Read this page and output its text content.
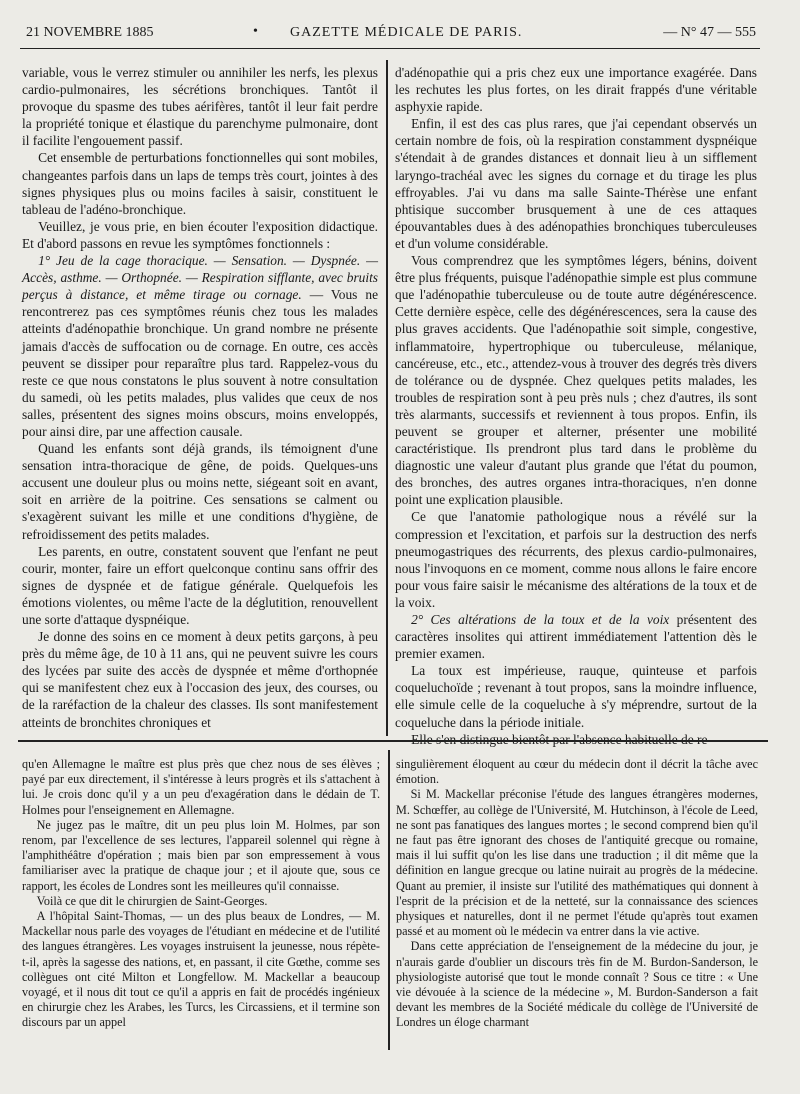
21 NOVEMBRE 1885	• GAZETTE MÉDICALE DE PARIS.	— N° 47 — 555

variable, vous le verrez stimuler ou annihiler les nerfs, les plexus cardio-pulmonaires, les sécrétions bronchiques. Tantôt il provoque du spasme des tubes aérifères, tantôt il leur fait perdre la propriété tonique et élastique du parenchyme pulmonaire, dont il facilite l'engouement passif.

Cet ensemble de perturbations fonctionnelles qui sont mobiles, changeantes parfois dans un laps de temps très court, jointes à des signes physiques plus ou moins faciles à saisir, constituent le tableau de l'adéno-bronchique.

Veuillez, je vous prie, en bien écouter l'exposition didactique. Et d'abord passons en revue les symptômes fonctionnels :

1° Jeu de la cage thoracique. — Sensation. — Dyspnée. — Accès, asthme. — Orthopnée. — Respiration sifflante, avec bruits perçus à distance, et même tirage ou cornage. — Vous ne rencontrerez pas ces symptômes réunis chez tous les malades atteints d'adénopathie bronchique. Un grand nombre ne présente jamais d'accès de suffocation ou de cornage. En outre, ces accès peuvent se dissiper pour reparaître plus tard. Rappelez-vous du reste ce que nous constatons le plus souvent à notre consultation du samedi, où les petits malades, plus valides que ceux de nos salles, présentent des signes moins obscurs, moins enveloppés, pour ainsi dire, par une affection causale.

Quand les enfants sont déjà grands, ils témoignent d'une sensation intra-thoracique de gêne, de poids. Quelques-uns accusent une douleur plus ou moins nette, siégeant soit en avant, soit en arrière de la poitrine. Ces sensations se calment ou s'exagèrent suivant les mille et une conditions d'hygiène, de refroidissement des petits malades.

Les parents, en outre, constatent souvent que l'enfant ne peut courir, monter, faire un effort quelconque continu sans offrir des signes de dyspnée et de fatigue générale. Quelquefois les émotions violentes, ou même l'acte de la déglutition, renouvellent une sorte d'attaque dyspnéique.

Je donne des soins en ce moment à deux petits garçons, à peu près du même âge, de 10 à 11 ans, qui ne peuvent suivre les cours des lycées par suite des accès de dyspnée et même d'orthopnée qui se manifestent chez eux à l'occasion des jeux, des courses, ou de la raréfaction de la chaleur des classes. Ils sont manifestement atteints de bronchites chroniques et

d'adénopathie qui a pris chez eux une importance exagérée. Dans les rechutes les plus fortes, on les dirait frappés d'une véritable asphyxie rapide.

Enfin, il est des cas plus rares, que j'ai cependant observés un certain nombre de fois, où la respiration constamment dyspnéique s'étendait à de grandes distances et donnait lieu à un sifflement laryngo-trachéal avec les signes du cornage et du tirage les plus effroyables. J'ai vu dans ma salle Sainte-Thérèse une enfant phtisique succomber brusquement à une de ces attaques épouvantables dues à des adénopathies bronchiques tuberculeuses et d'un volume considérable.

Vous comprendrez que les symptômes légers, bénins, doivent être plus fréquents, puisque l'adénopathie simple est plus commune que l'adénopathie tuberculeuse ou de toute autre dégénérescence. Cette dernière espèce, celle des dégénérescences, sera la cause des plus graves accidents. Que l'adénopathie soit simple, congestive, inflammatoire, hypertrophique ou tuberculeuse, mélanique, cancéreuse, etc., etc., attendez-vous à trouver des degrés très divers de tolérance ou de dyspnée. Chez quelques petits malades, les troubles de respiration sont à peu près nuls ; chez d'autres, ils sont très alarmants, successifs et reviennent à tous propos. Enfin, ils peuvent se grouper et alterner, présenter une mobilité caractéristique. Ils prendront plus tard dans le problème du diagnostic une valeur d'autant plus grande que l'état du poumon, des bronches, des autres organes intra-thoraciques, n'en donne point une explication plausible.

Ce que l'anatomie pathologique nous a révélé sur la compression et l'excitation, et parfois sur la destruction des nerfs pneumogastriques des récurrents, des plexus cardio-pulmonaires, nous l'invoquons en ce moment, comme nous allons le faire encore pour vous faire saisir le mécanisme des altérations de la toux et de la voix.

2° Ces altérations de la toux et de la voix présentent des caractères insolites qui attirent immédiatement l'attention dès le premier examen.

La toux est impérieuse, rauque, quinteuse et parfois coqueluchoïde ; revenant à tout propos, sans la moindre influence, elle simule celle de la coqueluche à s'y méprendre, surtout de la coqueluche dans la période initiale.

qu'en Allemagne le maître est plus près que chez nous de ses élèves ; payé par eux directement, il s'intéresse à leurs progrès et ils s'attachent à lui. Je crois donc qu'il y a un peu d'exagération dans le dédain de T. Holmes pour l'enseignement en Allemagne.

Ne jugez pas le maître, dit un peu plus loin M. Holmes, par son renom, par l'excellence de ses lectures, l'appareil solennel qui règne à l'amphithéâtre d'opération ; mais bien par son empressement à vous familiariser avec la pratique de chaque jour ; et il ajoute que, sous ce rapport, les écoles de Londres sont les meilleures qu'il connaisse.

Voilà ce que dit le chirurgien de Saint-Georges.

A l'hôpital Saint-Thomas, — un des plus beaux de Londres, — M. Mackellar nous parle des voyages de l'étudiant en médecine et de l'utilité des langues étrangères. Les voyages instruisent la jeunesse, nous répète-t-il, après la sagesse des nations, et, en passant, il cite Gœthe, comme ses collègues ont cité Milton et Longfellow. M. Mackellar a beaucoup voyagé, et il nous dit tout ce qu'il a appris en fait de procédés ingénieux en chirurgie chez les Arabes, les Turcs, les Circassiens, et il termine son discours par un appel

singulièrement éloquent au cœur du médecin dont il décrit la tâche avec émotion.

Si M. Mackellar préconise l'étude des langues étrangères modernes, M. Schœffer, au collège de l'Université, M. Hutchinson, à l'école de Leed, ne sont pas fanatiques des langues mortes ; le second comprend bien qu'il ne faut pas être ignorant des choses de l'antiquité grecque ou romaine, mais il lui suffit qu'on les lise dans une traduction ; il dit même que la définition en langue grecque ou latine nuirait au progrès de la médecine. Quant au premier, il insiste sur l'utilité des mathématiques qui donnent à l'esprit de la précision et de la netteté, sur la connaissance des sciences physiques et naturelles, dont il ne permet l'étude qu'après tout examen passé et au moment où le médecin va entrer dans la vie active.

Dans cette appréciation de l'enseignement de la médecine du jour, je n'aurais garde d'oublier un discours très fin de M. Burdon-Sanderson, le physiologiste autorisé que tout le monde connaît ? Sous ce titre : « Une vie dévouée à la science de la médecine », M. Burdon-Sanderson a fait devant les membres de la Société médicale du collège de l'Université de Londres un éloge charmant
